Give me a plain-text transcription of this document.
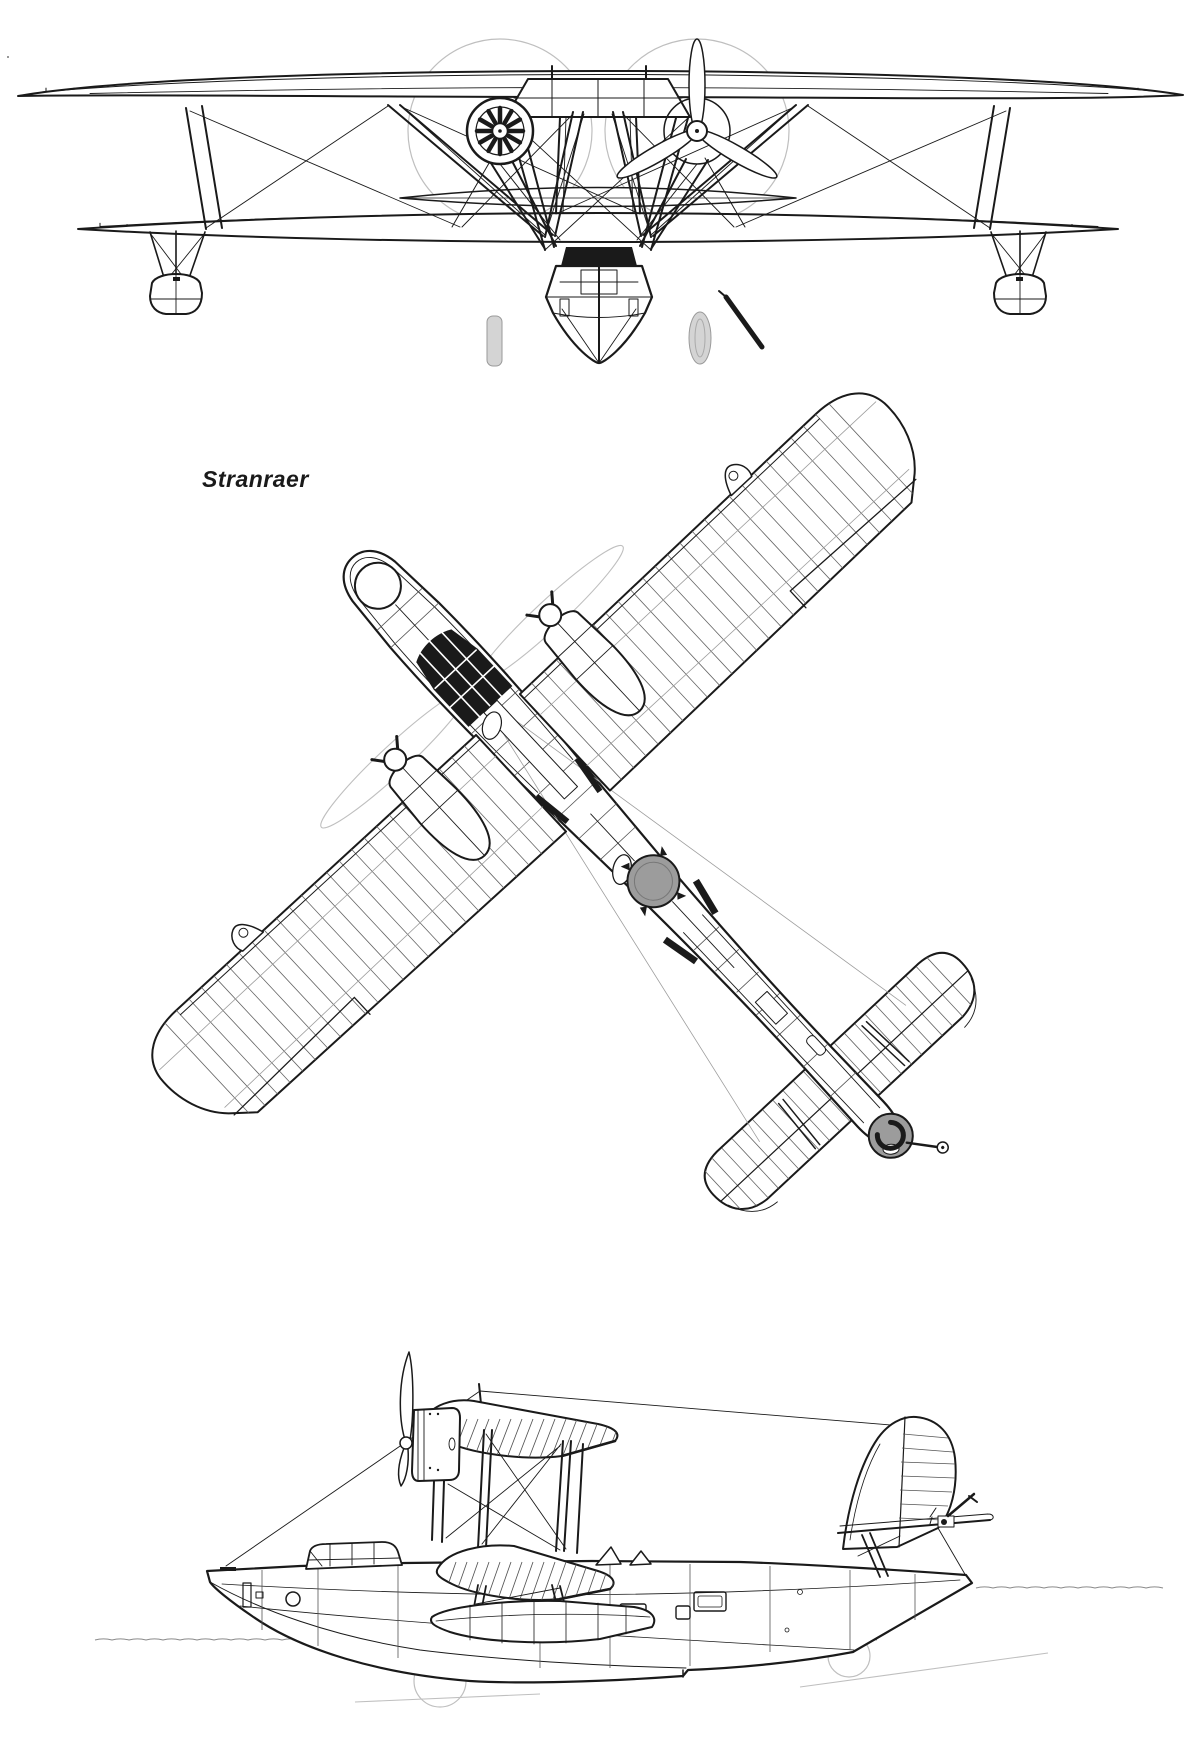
Stranraer
